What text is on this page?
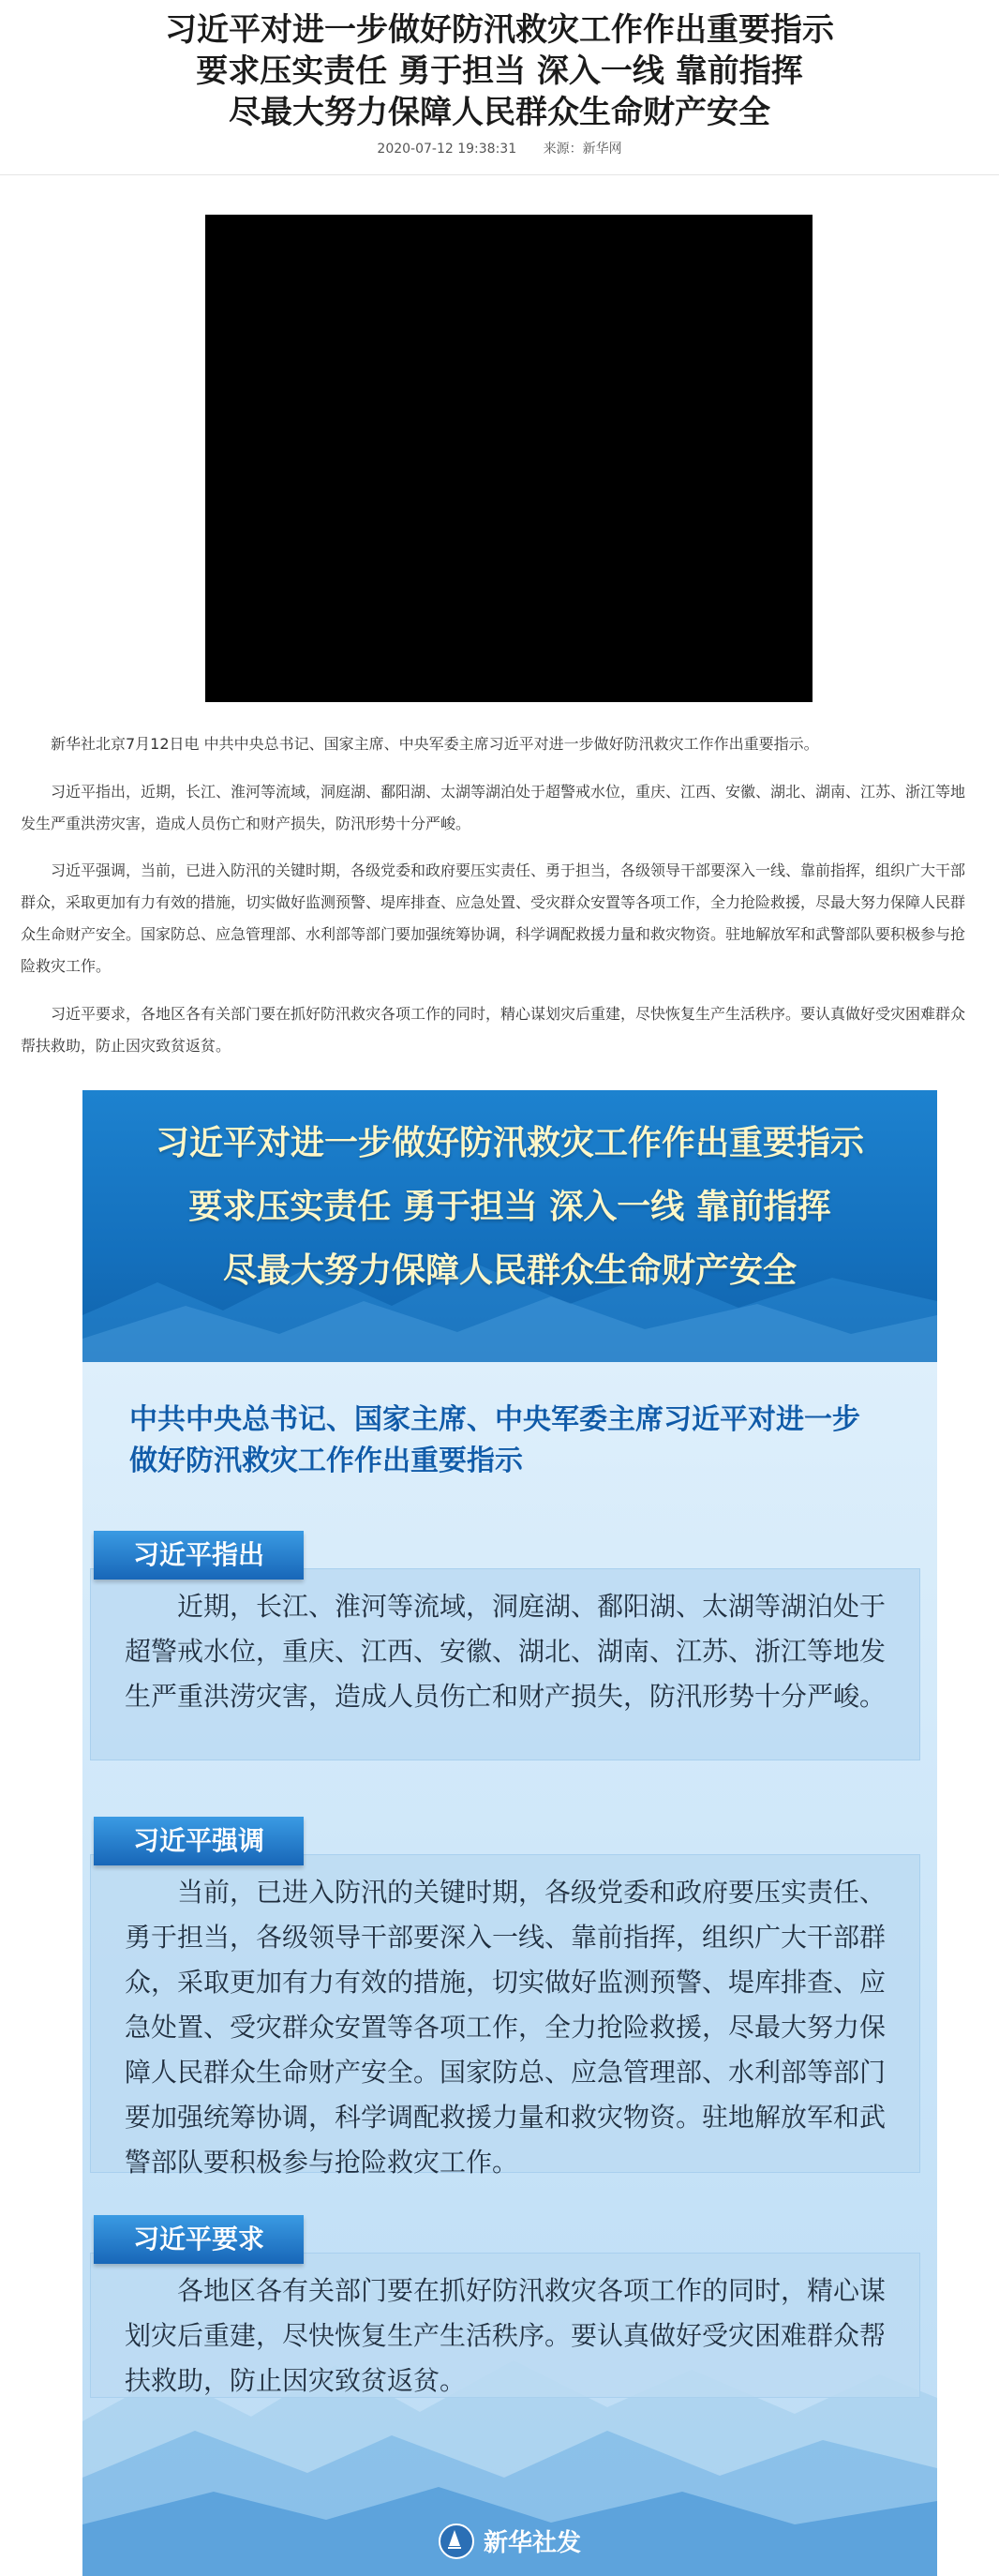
习近平对进一步做好防汛救灾工作作出重要指示
要求压实责任 勇于担当 深入一线 靠前指挥
尽最大努力保障人民群众生命财产安全
2020-07-12 19:38:31 来源：新华网

新华社北京7月12日电 中共中央总书记、国家主席、中央军委主席习近平对进一步做好防汛救灾工作作出重要指示。

习近平指出，近期，长江、淮河等流域，洞庭湖、鄱阳湖、太湖等湖泊处于超警戒水位，重庆、江西、安徽、湖北、湖南、江苏、浙江等地发生严重洪涝灾害，造成人员伤亡和财产损失，防汛形势十分严峻。

习近平强调，当前，已进入防汛的关键时期，各级党委和政府要压实责任、勇于担当，各级领导干部要深入一线、靠前指挥，组织广大干部群众，采取更加有力有效的措施，切实做好监测预警、堤库排查、应急处置、受灾群众安置等各项工作，全力抢险救援，尽最大努力保障人民群众生命财产安全。国家防总、应急管理部、水利部等部门要加强统筹协调，科学调配救援力量和救灾物资。驻地解放军和武警部队要积极参与抢险救灾工作。

习近平要求，各地区各有关部门要在抓好防汛救灾各项工作的同时，精心谋划灾后重建，尽快恢复生产生活秩序。要认真做好受灾困难群众帮扶救助，防止因灾致贫返贫。

习近平对进一步做好防汛救灾工作作出重要指示
要求压实责任 勇于担当 深入一线 靠前指挥
尽最大努力保障人民群众生命财产安全
中共中央总书记、国家主席、中央军委主席习近平对进一步
做好防汛救灾工作作出重要指示
习近平指出

近期，长江、淮河等流域，洞庭湖、鄱阳湖、太湖等湖泊处于超警戒水位，重庆、江西、安徽、湖北、湖南、江苏、浙江等地发生严重洪涝灾害，造成人员伤亡和财产损失，防汛形势十分严峻。

习近平强调

当前，已进入防汛的关键时期，各级党委和政府要压实责任、勇于担当，各级领导干部要深入一线、靠前指挥，组织广大干部群众，采取更加有力有效的措施，切实做好监测预警、堤库排查、应急处置、受灾群众安置等各项工作，全力抢险救援，尽最大努力保障人民群众生命财产安全。国家防总、应急管理部、水利部等部门要加强统筹协调，科学调配救援力量和救灾物资。驻地解放军和武警部队要积极参与抢险救灾工作。

习近平要求

各地区各有关部门要在抓好防汛救灾各项工作的同时，精心谋划灾后重建，尽快恢复生产生活秩序。要认真做好受灾困难群众帮扶救助，防止因灾致贫返贫。

新华社发
